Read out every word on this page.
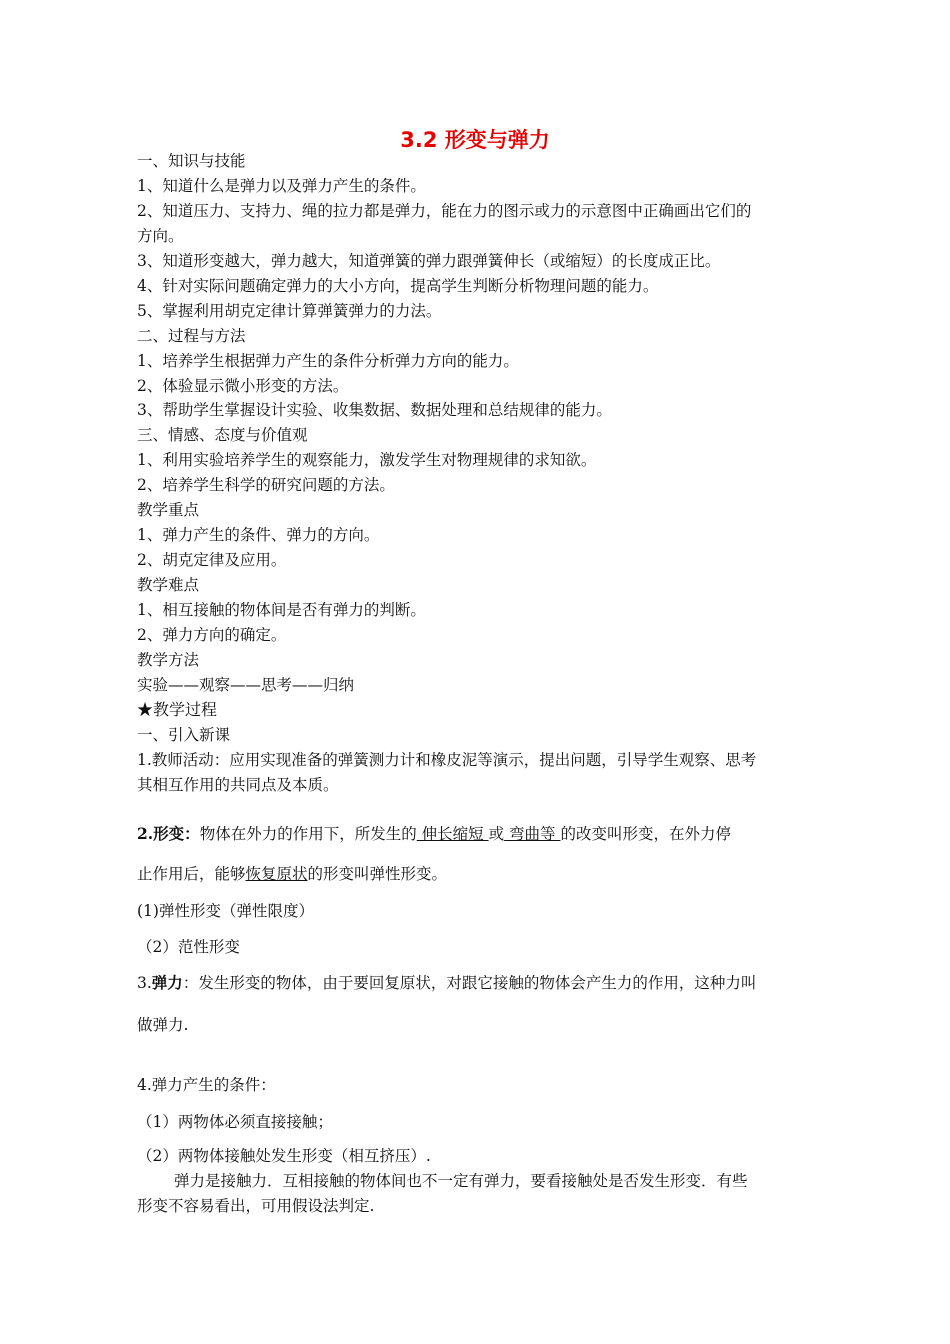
3.2 形变与弹力
一、知识与技能
1、知道什么是弹力以及弹力产生的条件。
2、知道压力、支持力、绳的拉力都是弹力，能在力的图示或力的示意图中正确画出它们的
方向。
3、知道形变越大，弹力越大，知道弹簧的弹力跟弹簧伸长（或缩短）的长度成正比。
4、针对实际问题确定弹力的大小方向，提高学生判断分析物理问题的能力。
5、掌握利用胡克定律计算弹簧弹力的力法。
二、过程与方法
1、培养学生根据弹力产生的条件分析弹力方向的能力。
2、体验显示微小形变的方法。
3、帮助学生掌握设计实验、收集数据、数据处理和总结规律的能力。
三、情感、态度与价值观
1、利用实验培养学生的观察能力，激发学生对物理规律的求知欲。
2、培养学生科学的研究问题的方法。
教学重点
1、弹力产生的条件、弹力的方向。
2、胡克定律及应用。
教学难点
1、相互接触的物体间是否有弹力的判断。
2、弹力方向的确定。
教学方法
实验——观察——思考——归纳
★教学过程
一、引入新课
1.教师活动：应用实现准备的弹簧测力计和橡皮泥等演示，提出问题，引导学生观察、思考
其相互作用的共同点及本质。
2.形变：物体在外力的作用下，所发生的 伸长缩短 或 弯曲等 的改变叫形变，在外力停
止作用后，能够恢复原状的形变叫弹性形变。
(1)弹性形变（弹性限度）
（2）范性形变
3.弹力：发生形变的物体，由于要回复原状，对跟它接触的物体会产生力的作用，这种力叫
做弹力.
4.弹力产生的条件：
（1）两物体必须直接接触；
（2）两物体接触处发生形变（相互挤压）.
弹力是接触力．互相接触的物体间也不一定有弹力，要看接触处是否发生形变．有些
形变不容易看出，可用假设法判定.
